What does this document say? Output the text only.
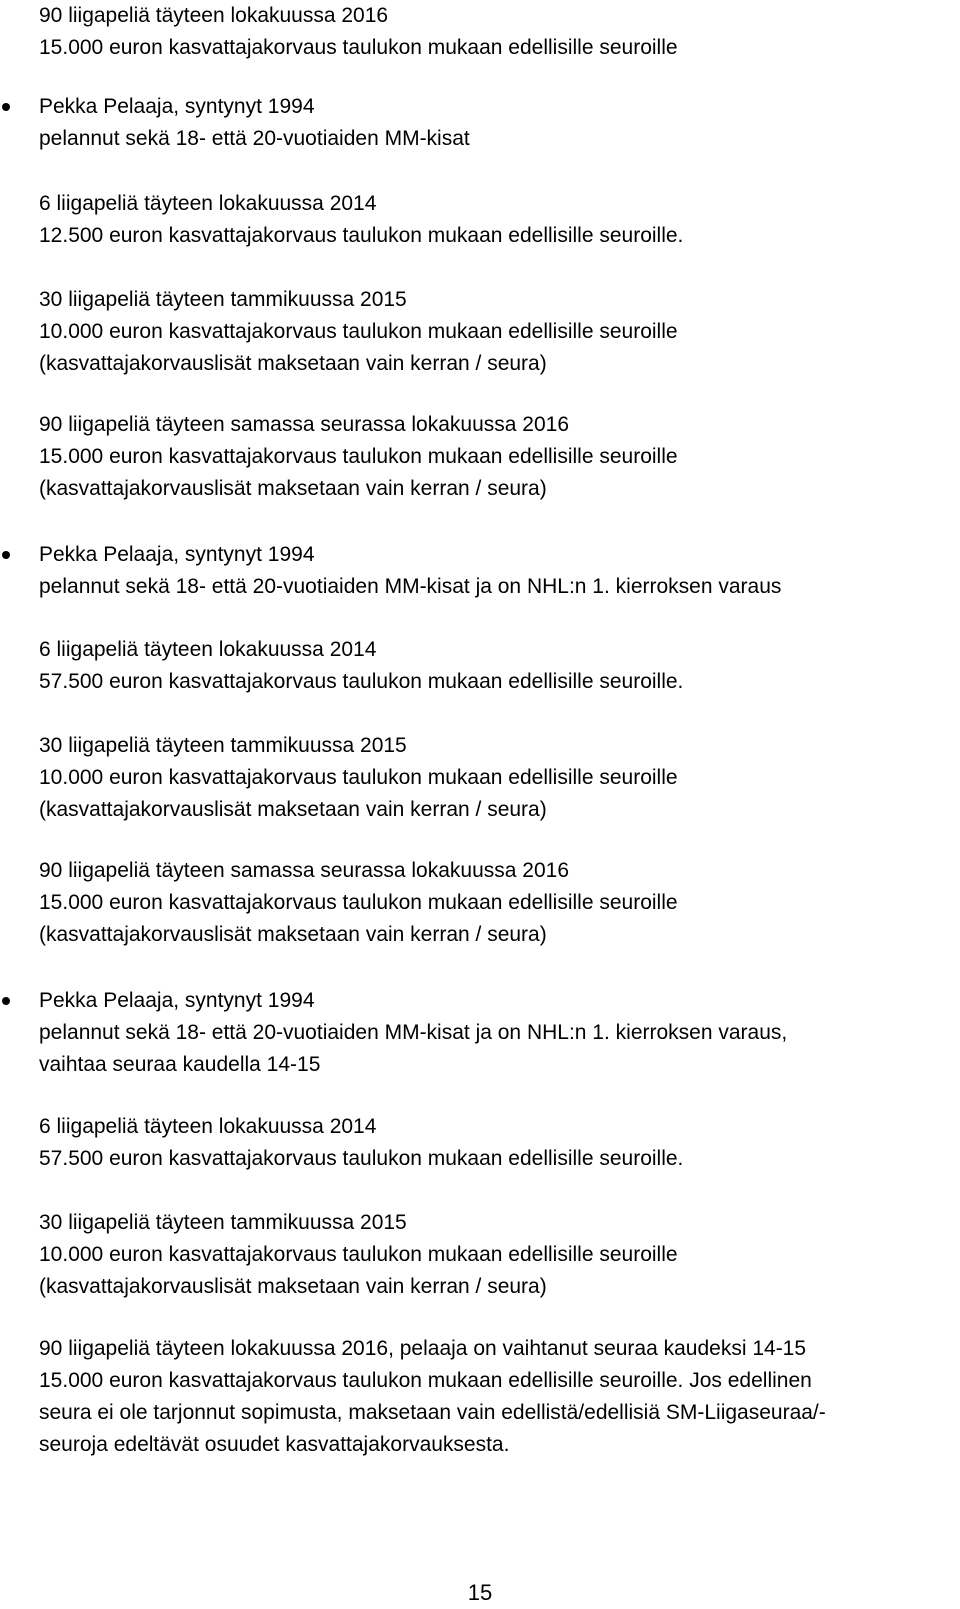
90 liigapeliä täyteen lokakuussa 2016
15.000 euron kasvattajakorvaus taulukon mukaan edellisille seuroille
Pekka Pelaaja, syntynyt 1994
pelannut sekä 18- että 20-vuotiaiden MM-kisat
6 liigapeliä täyteen lokakuussa 2014
12.500 euron kasvattajakorvaus taulukon mukaan edellisille seuroille.
30 liigapeliä täyteen tammikuussa 2015
10.000 euron kasvattajakorvaus taulukon mukaan edellisille seuroille
(kasvattajakorvauslisät maksetaan vain kerran / seura)
90 liigapeliä täyteen samassa seurassa lokakuussa 2016
15.000 euron kasvattajakorvaus taulukon mukaan edellisille seuroille
(kasvattajakorvauslisät maksetaan vain kerran / seura)
Pekka Pelaaja, syntynyt 1994
pelannut sekä 18- että 20-vuotiaiden MM-kisat ja on NHL:n 1. kierroksen varaus
6 liigapeliä täyteen lokakuussa 2014
57.500 euron kasvattajakorvaus taulukon mukaan edellisille seuroille.
30 liigapeliä täyteen tammikuussa 2015
10.000 euron kasvattajakorvaus taulukon mukaan edellisille seuroille
(kasvattajakorvauslisät maksetaan vain kerran / seura)
90 liigapeliä täyteen samassa seurassa lokakuussa 2016
15.000 euron kasvattajakorvaus taulukon mukaan edellisille seuroille
(kasvattajakorvauslisät maksetaan vain kerran / seura)
Pekka Pelaaja, syntynyt 1994
pelannut sekä 18- että 20-vuotiaiden MM-kisat ja on NHL:n 1. kierroksen varaus,
vaihtaa seuraa kaudella 14-15
6 liigapeliä täyteen lokakuussa 2014
57.500 euron kasvattajakorvaus taulukon mukaan edellisille seuroille.
30 liigapeliä täyteen tammikuussa 2015
10.000 euron kasvattajakorvaus taulukon mukaan edellisille seuroille
(kasvattajakorvauslisät maksetaan vain kerran / seura)
90 liigapeliä täyteen lokakuussa 2016, pelaaja on vaihtanut seuraa kaudeksi 14-15
15.000 euron kasvattajakorvaus taulukon mukaan edellisille seuroille. Jos edellinen
seura ei ole tarjonnut sopimusta, maksetaan vain edellistä/edellisiä SM-Liigaseuraa/-
seuroja edeltävät osuudet kasvattajakorvauksesta.
15
